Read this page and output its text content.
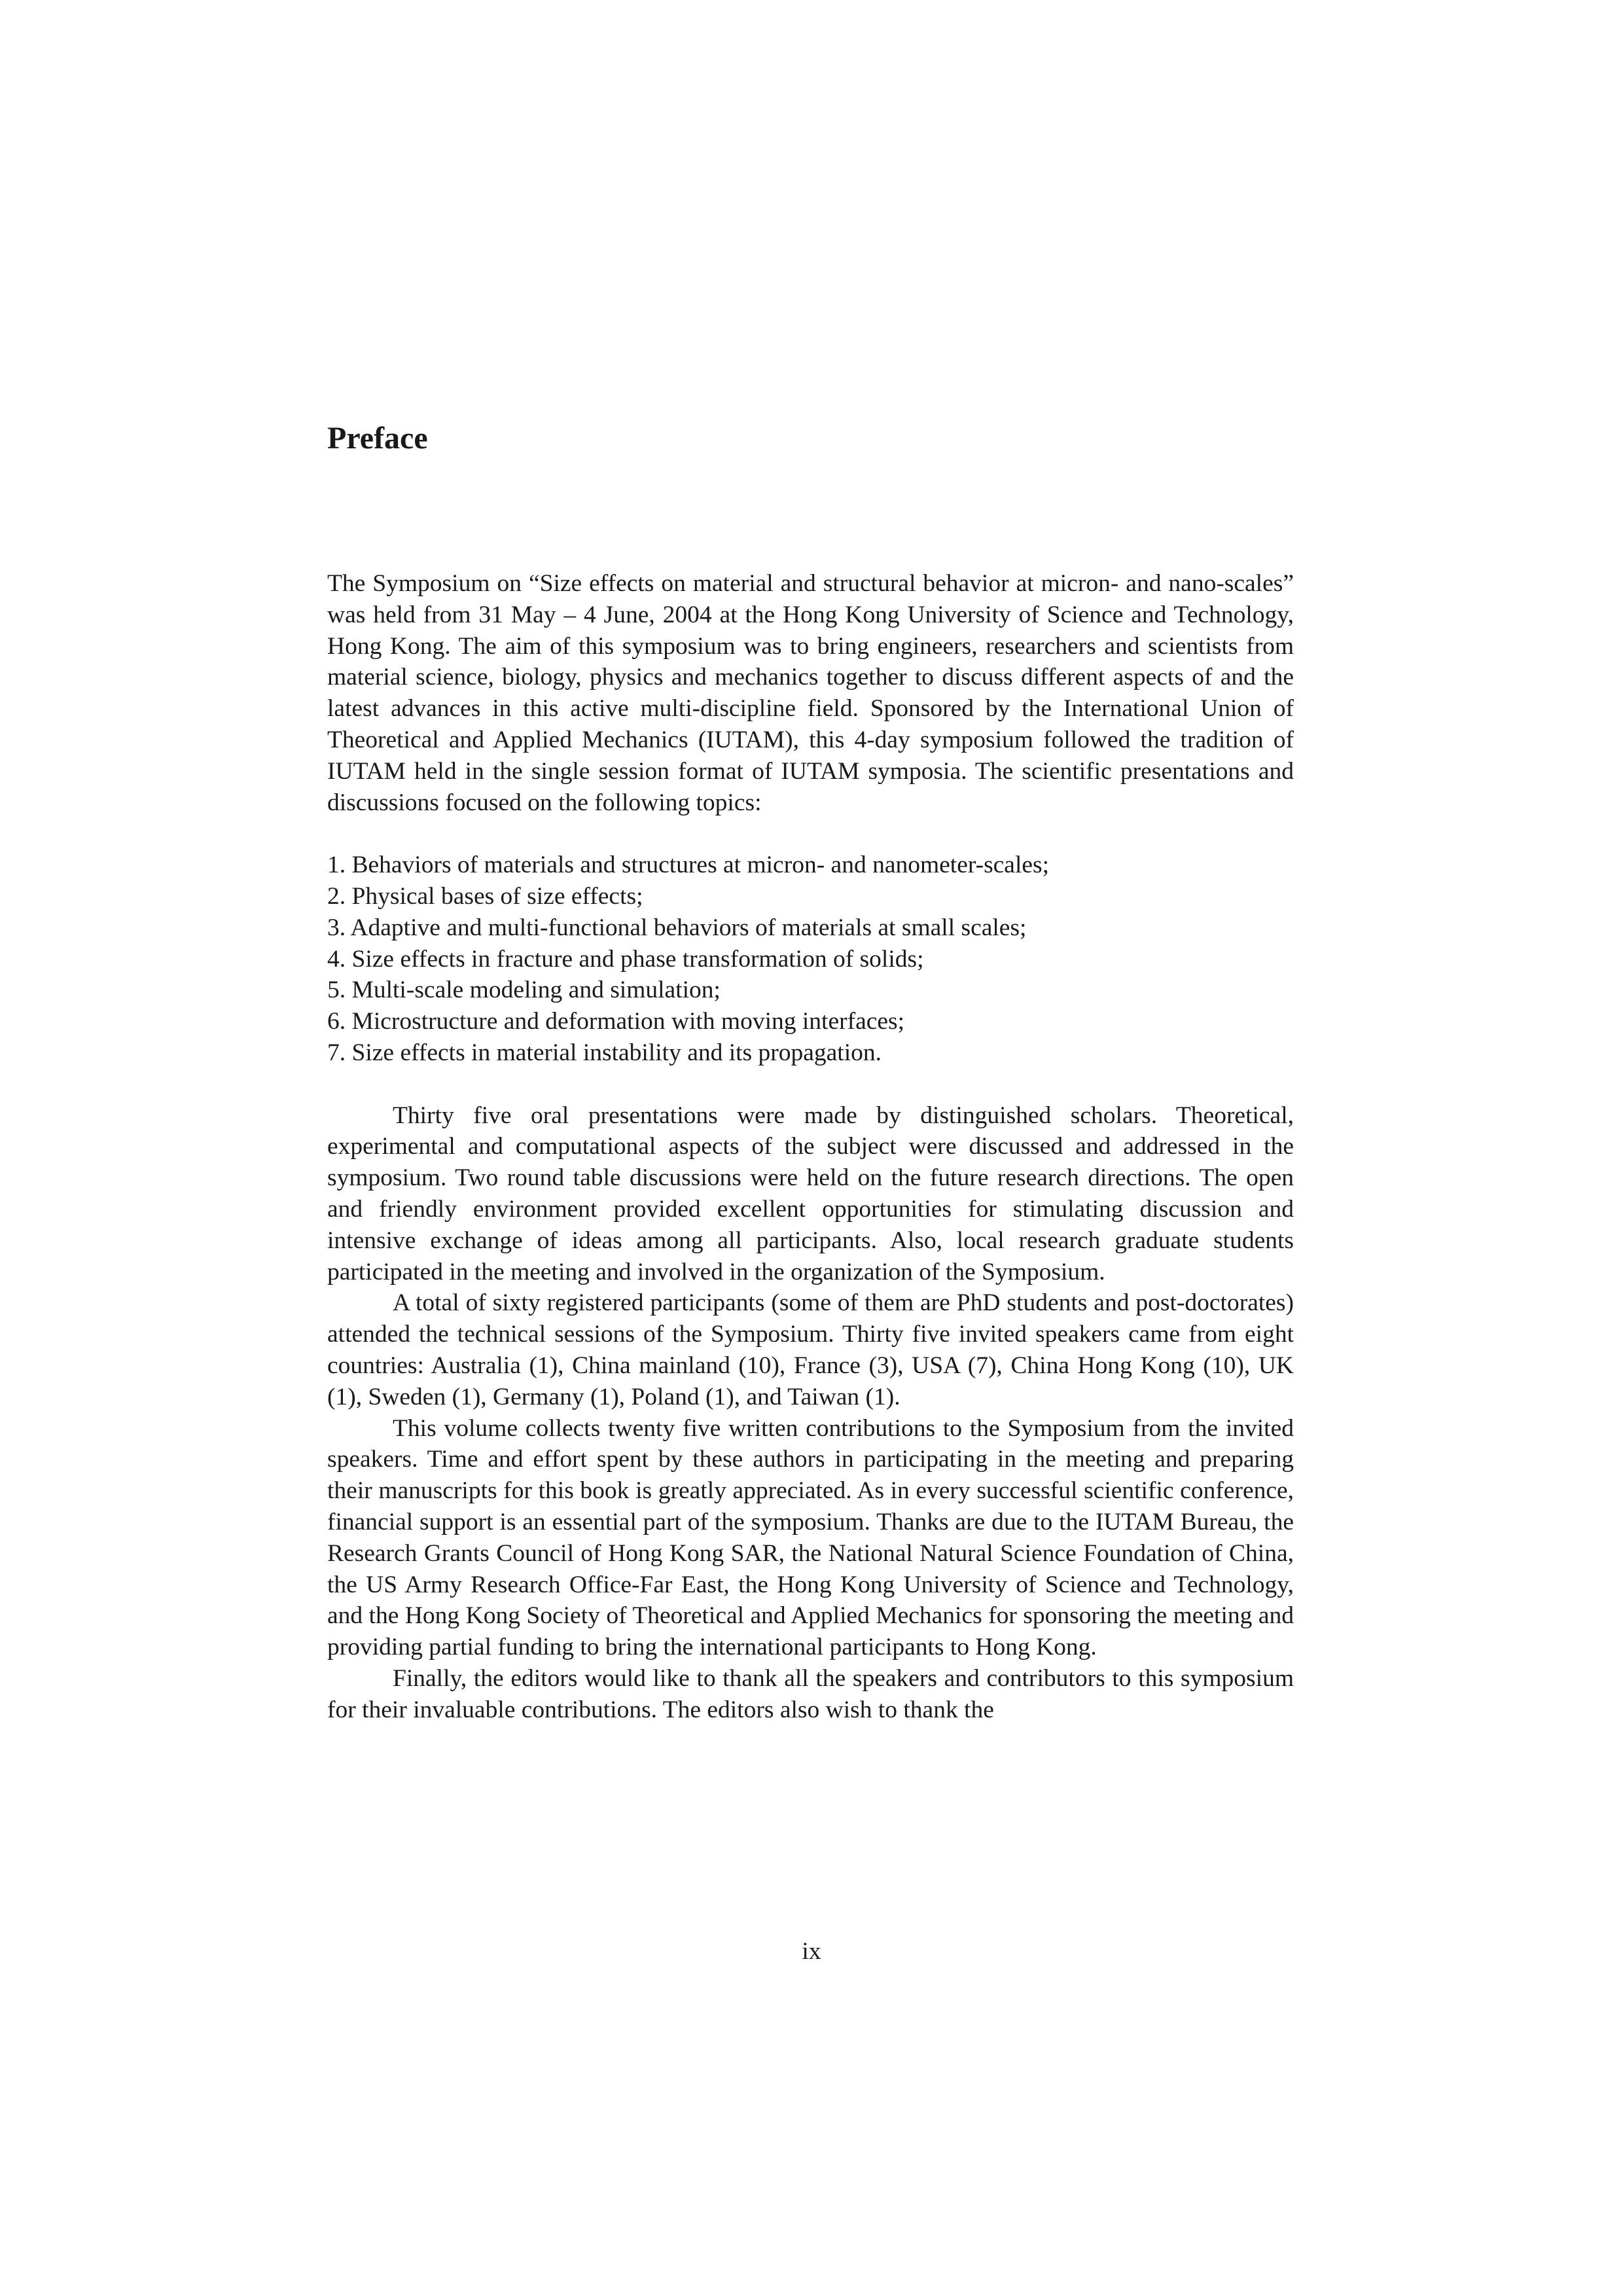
Preface

The Symposium on “Size effects on material and structural behavior at micron- and nano-scales” was held from 31 May – 4 June, 2004 at the Hong Kong University of Science and Technology, Hong Kong. The aim of this symposium was to bring engineers, researchers and scientists from material science, biology, physics and mechanics together to discuss different aspects of and the latest advances in this active multi-discipline field. Sponsored by the International Union of Theoretical and Applied Mechanics (IUTAM), this 4-day symposium followed the tradition of IUTAM held in the single session format of IUTAM symposia. The scientific presentations and discussions focused on the following topics:

1. Behaviors of materials and structures at micron- and nanometer-scales;
2. Physical bases of size effects;
3. Adaptive and multi-functional behaviors of materials at small scales;
4. Size effects in fracture and phase transformation of solids;
5. Multi-scale modeling and simulation;
6. Microstructure and deformation with moving interfaces;
7. Size effects in material instability and its propagation.

Thirty five oral presentations were made by distinguished scholars. Theoretical, experimental and computational aspects of the subject were discussed and addressed in the symposium. Two round table discussions were held on the future research directions. The open and friendly environment provided excellent opportunities for stimulating discussion and intensive exchange of ideas among all participants. Also, local research graduate students participated in the meeting and involved in the organization of the Symposium.

A total of sixty registered participants (some of them are PhD students and post-doctorates) attended the technical sessions of the Symposium. Thirty five invited speakers came from eight countries: Australia (1), China mainland (10), France (3), USA (7), China Hong Kong (10), UK (1), Sweden (1), Germany (1), Poland (1), and Taiwan (1).

This volume collects twenty five written contributions to the Symposium from the invited speakers. Time and effort spent by these authors in participating in the meeting and preparing their manuscripts for this book is greatly appreciated. As in every successful scientific conference, financial support is an essential part of the symposium. Thanks are due to the IUTAM Bureau, the Research Grants Council of Hong Kong SAR, the National Natural Science Foundation of China, the US Army Research Office-Far East, the Hong Kong University of Science and Technology, and the Hong Kong Society of Theoretical and Applied Mechanics for sponsoring the meeting and providing partial funding to bring the international participants to Hong Kong.

Finally, the editors would like to thank all the speakers and contributors to this symposium for their invaluable contributions. The editors also wish to thank the

ix
